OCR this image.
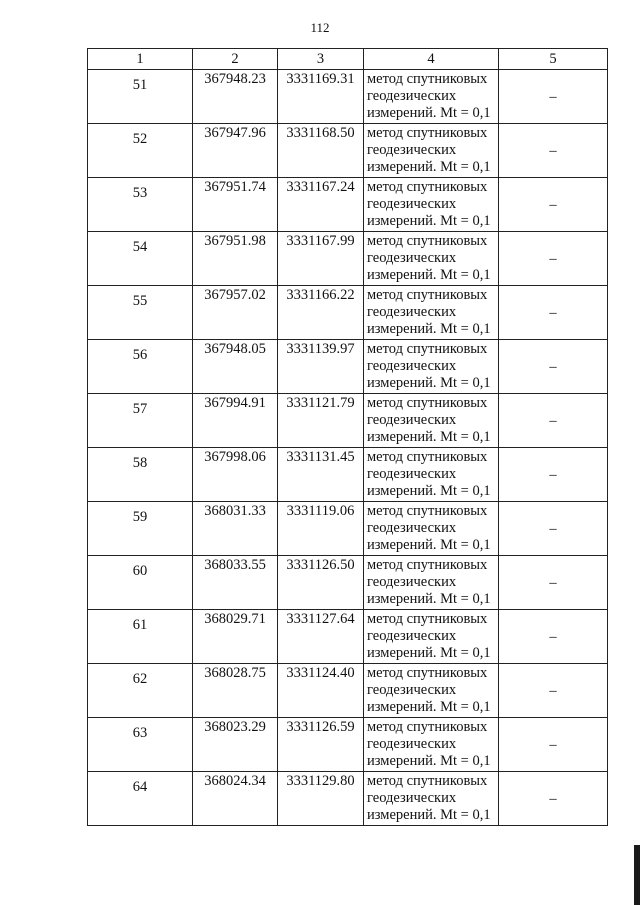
112
1	2	3	4	5
51	367948.23	3331169.31	метод спутниковых
геодезических
измерений. Mt = 0,1	–
52	367947.96	3331168.50	метод спутниковых
геодезических
измерений. Mt = 0,1	–
53	367951.74	3331167.24	метод спутниковых
геодезических
измерений. Mt = 0,1	–
54	367951.98	3331167.99	метод спутниковых
геодезических
измерений. Mt = 0,1	–
55	367957.02	3331166.22	метод спутниковых
геодезических
измерений. Mt = 0,1	–
56	367948.05	3331139.97	метод спутниковых
геодезических
измерений. Mt = 0,1	–
57	367994.91	3331121.79	метод спутниковых
геодезических
измерений. Mt = 0,1	–
58	367998.06	3331131.45	метод спутниковых
геодезических
измерений. Mt = 0,1	–
59	368031.33	3331119.06	метод спутниковых
геодезических
измерений. Mt = 0,1	–
60	368033.55	3331126.50	метод спутниковых
геодезических
измерений. Mt = 0,1	–
61	368029.71	3331127.64	метод спутниковых
геодезических
измерений. Mt = 0,1	–
62	368028.75	3331124.40	метод спутниковых
геодезических
измерений. Mt = 0,1	–
63	368023.29	3331126.59	метод спутниковых
геодезических
измерений. Mt = 0,1	–
64	368024.34	3331129.80	метод спутниковых
геодезических
измерений. Mt = 0,1	–
